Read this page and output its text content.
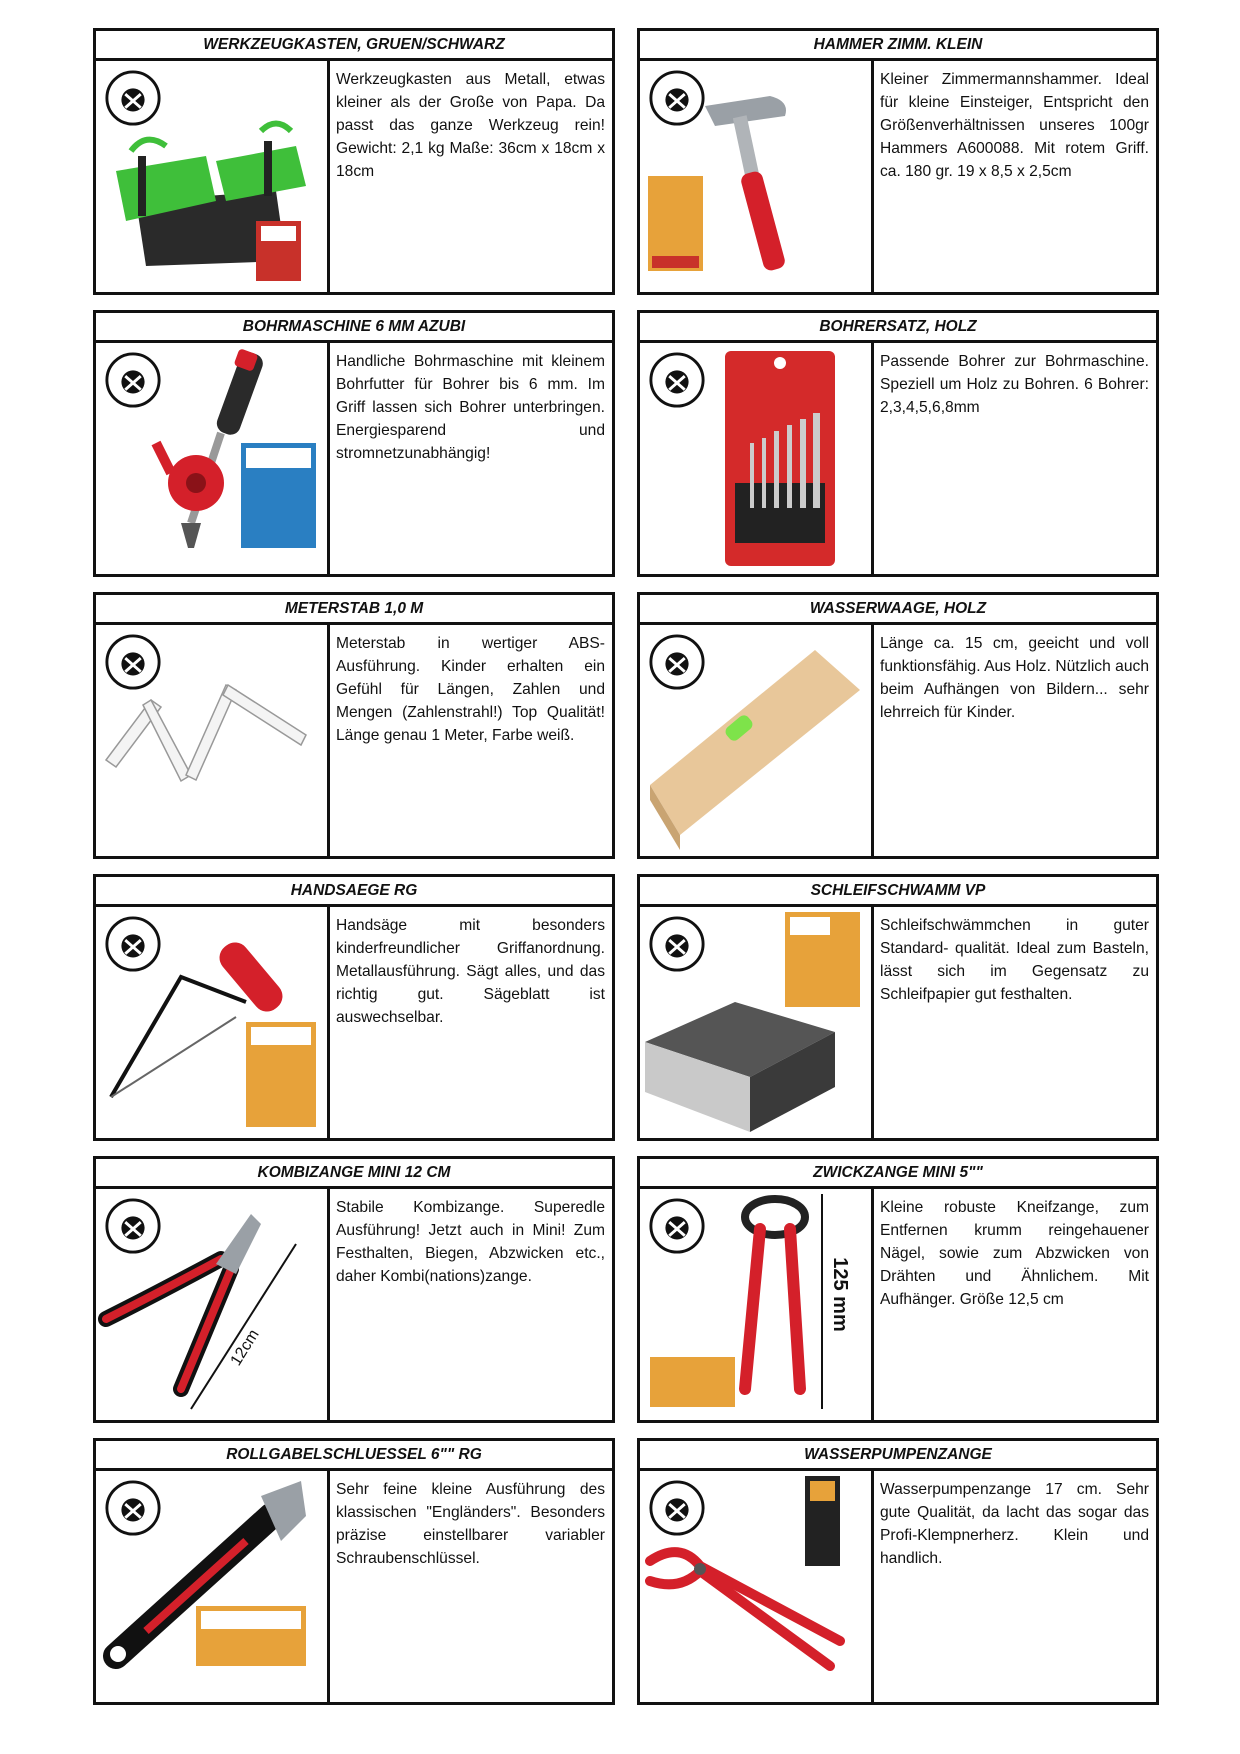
WERKZEUGKASTEN, GRUEN/SCHWARZ
Werkzeugkasten aus Metall, etwas kleiner als der Große von Papa. Da passt das ganze Werkzeug rein! Gewicht: 2,1 kg Maße: 36cm x 18cm x 18cm
HAMMER ZIMM. KLEIN
Kleiner Zimmermannshammer. Ideal für kleine Einsteiger, Entspricht den Größenverhältnissen unseres 100gr Hammers A600088. Mit rotem Griff. ca. 180 gr. 19 x 8,5 x 2,5cm
BOHRMASCHINE 6 MM AZUBI
Handliche Bohrmaschine mit kleinem Bohrfutter für Bohrer bis 6 mm. Im Griff lassen sich Bohrer unterbringen. Energiesparend und stromnetzunabhängig!
BOHRERSATZ, HOLZ
Passende Bohrer zur Bohrmaschine. Speziell um Holz zu Bohren. 6 Bohrer: 2,3,4,5,6,8mm
METERSTAB 1,0 M
Meterstab in wertiger ABS-Ausführung. Kinder erhalten ein Gefühl für Längen, Zahlen und Mengen (Zahlenstrahl!) Top Qualität! Länge genau 1 Meter, Farbe weiß.
WASSERWAAGE, HOLZ
Länge ca. 15 cm, geeicht und voll funktionsfähig. Aus Holz. Nützlich auch beim Aufhängen von Bildern... sehr lehrreich für Kinder.
HANDSAEGE RG
Handsäge mit besonders kinderfreundlicher Griffanordnung. Metallausführung. Sägt alles, und das richtig gut. Sägeblatt ist auswechselbar.
SCHLEIFSCHWAMM VP
Schleifschwämmchen in guter Standard- qualität. Ideal zum Basteln, lässt sich im Gegensatz zu Schleifpapier gut festhalten.
KOMBIZANGE MINI 12 CM
12cm
Stabile Kombizange. Superedle Ausführung! Jetzt auch in Mini! Zum Festhalten, Biegen, Abzwicken etc., daher Kombi(nations)zange.
ZWICKZANGE MINI 5""
125 mm
Kleine robuste Kneifzange, zum Entfernen krumm reingehauener Nägel, sowie zum Abzwicken von Drähten und Ähnlichem. Mit Aufhänger. Größe 12,5 cm
ROLLGABELSCHLUESSEL 6"" RG
Sehr feine kleine Ausführung des klassischen "Engländers". Besonders präzise einstellbarer variabler Schraubenschlüssel.
WASSERPUMPENZANGE
Wasserpumpenzange 17 cm. Sehr gute Qualität, da lacht das sogar das Profi-Klempnerherz. Klein und handlich.
